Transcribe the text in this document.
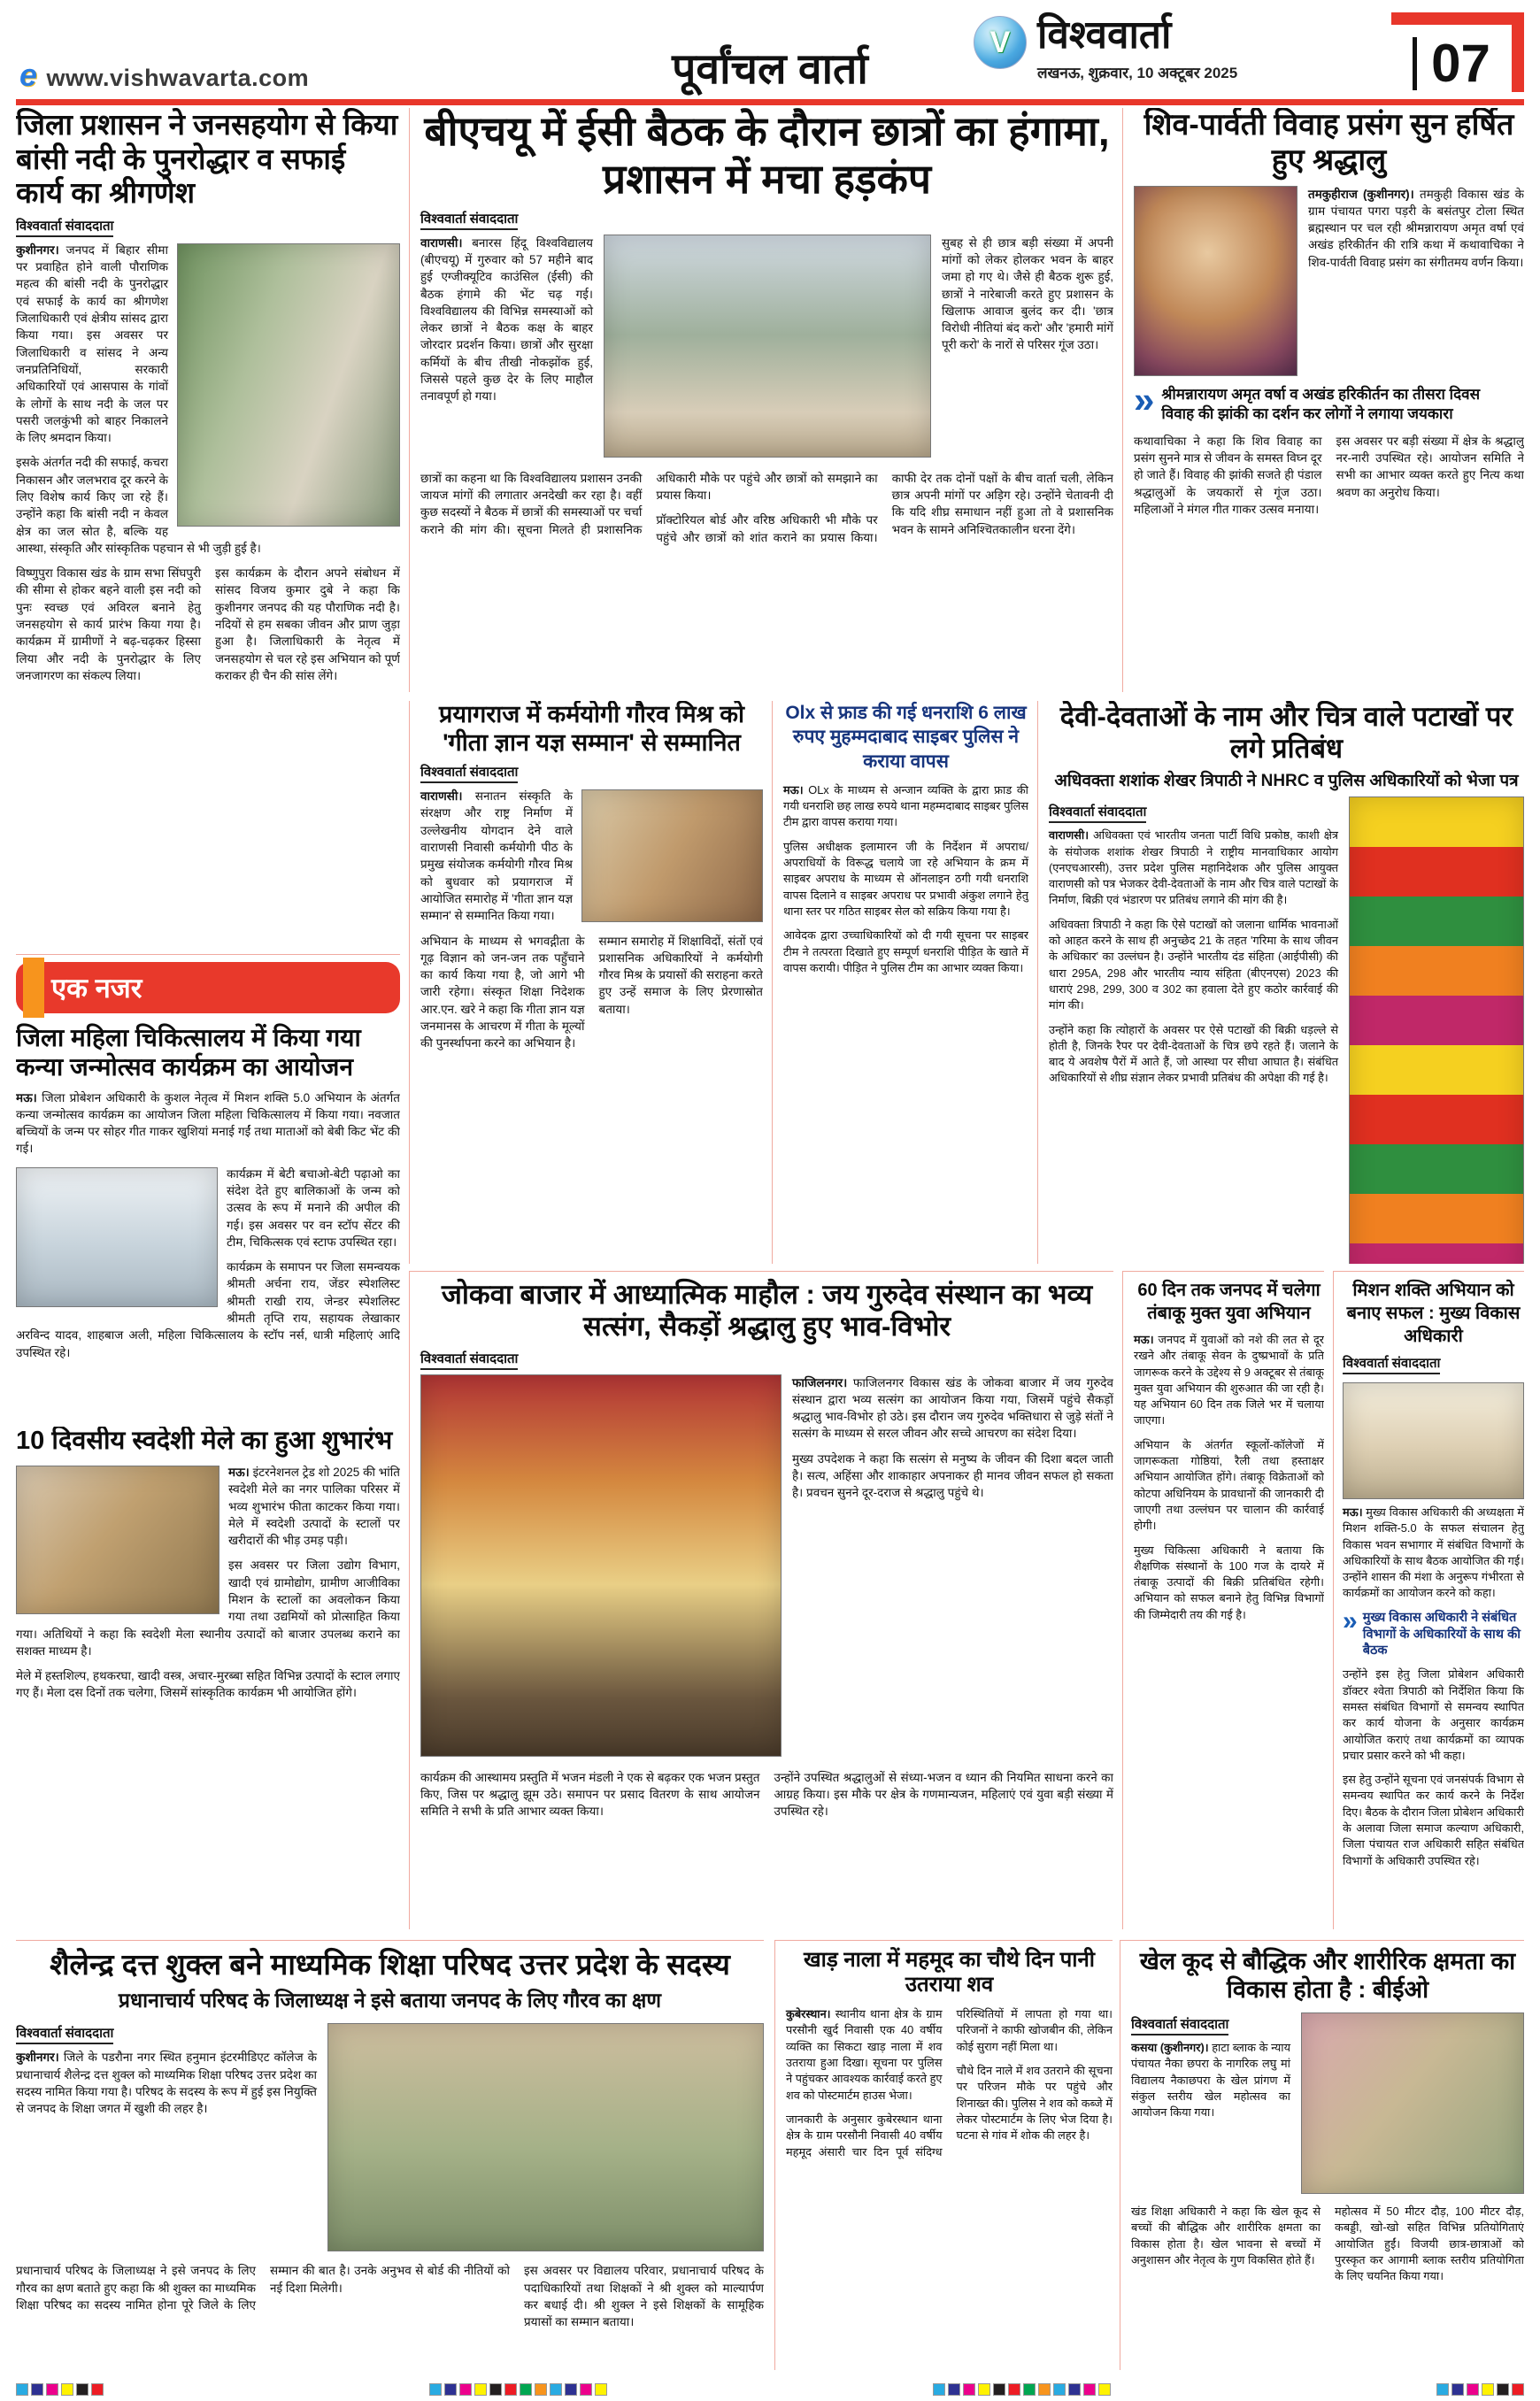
e www.vishwavarta.com	पूर्वांचल वार्ता
V
विश्ववार्ता
लखनऊ, शुक्रवार, 10 अक्टूबर 2025	07
जिला प्रशासन ने जनसहयोग से किया बांसी नदी के पुनरोद्धार व सफाई कार्य का श्रीगणेश
विश्ववार्ता संवाददाता

कुशीनगर। जनपद में बिहार सीमा पर प्रवाहित होने वाली पौराणिक महत्व की बांसी नदी के पुनरोद्धार एवं सफाई के कार्य का श्रीगणेश जिलाधिकारी एवं क्षेत्रीय सांसद द्वारा किया गया। इस अवसर पर जिलाधिकारी व सांसद ने अन्य जनप्रतिनिधियों, सरकारी अधिकारियों एवं आसपास के गांवों के लोगों के साथ नदी के जल पर पसरी जलकुंभी को बाहर निकालने के लिए श्रमदान किया।

इसके अंतर्गत नदी की सफाई, कचरा निकासन और जलभराव दूर करने के लिए विशेष कार्य किए जा रहे हैं। उन्होंने कहा कि बांसी नदी न केवल क्षेत्र का जल स्रोत है, बल्कि यह आस्था, संस्कृति और सांस्कृतिक पहचान से भी जुड़ी हुई है।

विष्णुपुरा विकास खंड के ग्राम सभा सिंघपुरी की सीमा से होकर बहने वाली इस नदी को पुनः स्वच्छ एवं अविरल बनाने हेतु जनसहयोग से कार्य प्रारंभ किया गया है। कार्यक्रम में ग्रामीणों ने बढ़-चढ़कर हिस्सा लिया और नदी के पुनरोद्धार के लिए जनजागरण का संकल्प लिया।

इस कार्यक्रम के दौरान अपने संबोधन में सांसद विजय कुमार दुबे ने कहा कि कुशीनगर जनपद की यह पौराणिक नदी है। नदियों से हम सबका जीवन और प्राण जुड़ा हुआ है। जिलाधिकारी के नेतृत्व में जनसहयोग से चल रहे इस अभियान को पूर्ण कराकर ही चैन की सांस लेंगे।

बीएचयू में ईसी बैठक के दौरान छात्रों का हंगामा, प्रशासन में मचा हड़कंप
विश्ववार्ता संवाददाता

वाराणसी। बनारस हिंदू विश्वविद्यालय (बीएचयू) में गुरुवार को 57 महीने बाद हुई एग्जीक्यूटिव काउंसिल (ईसी) की बैठक हंगामे की भेंट चढ़ गई। विश्वविद्यालय की विभिन्न समस्याओं को लेकर छात्रों ने बैठक कक्ष के बाहर जोरदार प्रदर्शन किया। छात्रों और सुरक्षा कर्मियों के बीच तीखी नोकझोंक हुई, जिससे पहले कुछ देर के लिए माहौल तनावपूर्ण हो गया।

सुबह से ही छात्र बड़ी संख्या में अपनी मांगों को लेकर होलकर भवन के बाहर जमा हो गए थे। जैसे ही बैठक शुरू हुई, छात्रों ने नारेबाजी करते हुए प्रशासन के खिलाफ आवाज बुलंद कर दी। 'छात्र विरोधी नीतियां बंद करो' और 'हमारी मांगें पूरी करो' के नारों से परिसर गूंज उठा।

छात्रों का कहना था कि विश्वविद्यालय प्रशासन उनकी जायज मांगों की लगातार अनदेखी कर रहा है। वहीं कुछ सदस्यों ने बैठक में छात्रों की समस्याओं पर चर्चा कराने की मांग की। सूचना मिलते ही प्रशासनिक अधिकारी मौके पर पहुंचे और छात्रों को समझाने का प्रयास किया।

प्रॉक्टोरियल बोर्ड और वरिष्ठ अधिकारी भी मौके पर पहुंचे और छात्रों को शांत कराने का प्रयास किया। काफी देर तक दोनों पक्षों के बीच वार्ता चली, लेकिन छात्र अपनी मांगों पर अड़िग रहे। उन्होंने चेतावनी दी कि यदि शीघ्र समाधान नहीं हुआ तो वे प्रशासनिक भवन के सामने अनिश्चितकालीन धरना देंगे।

शिव-पार्वती विवाह प्रसंग सुन हर्षित हुए श्रद्धालु

तमकुहीराज (कुशीनगर)। तमकुही विकास खंड के ग्राम पंचायत पगरा पड़री के बसंतपुर टोला स्थित ब्रह्मस्थान पर चल रही श्रीमन्नारायण अमृत वर्षा एवं अखंड हरिकीर्तन की रात्रि कथा में कथावाचिका ने शिव-पार्वती विवाह प्रसंग का संगीतमय वर्णन किया।

» श्रीमन्नारायण अमृत वर्षा व अखंड हरिकीर्तन का तीसरा दिवस
विवाह की झांकी का दर्शन कर लोगों ने लगाया जयकारा

कथावाचिका ने कहा कि शिव विवाह का प्रसंग सुनने मात्र से जीवन के समस्त विघ्न दूर हो जाते हैं। विवाह की झांकी सजते ही पंडाल श्रद्धालुओं के जयकारों से गूंज उठा। महिलाओं ने मंगल गीत गाकर उत्सव मनाया।

इस अवसर पर बड़ी संख्या में क्षेत्र के श्रद्धालु नर-नारी उपस्थित रहे। आयोजन समिति ने सभी का आभार व्यक्त करते हुए नित्य कथा श्रवण का अनुरोध किया।

प्रयागराज में कर्मयोगी गौरव मिश्र को 'गीता ज्ञान यज्ञ सम्मान' से सम्मानित
विश्ववार्ता संवाददाता

वाराणसी। सनातन संस्कृति के संरक्षण और राष्ट्र निर्माण में उल्लेखनीय योगदान देने वाले वाराणसी निवासी कर्मयोगी पीठ के प्रमुख संयोजक कर्मयोगी गौरव मिश्र को बुधवार को प्रयागराज में आयोजित समारोह में 'गीता ज्ञान यज्ञ सम्मान' से सम्मानित किया गया।

अभियान के माध्यम से भगवद्गीता के गूढ़ विज्ञान को जन-जन तक पहुँचाने का कार्य किया गया है, जो आगे भी जारी रहेगा। संस्कृत शिक्षा निदेशक आर.एन. खरे ने कहा कि गीता ज्ञान यज्ञ जनमानस के आचरण में गीता के मूल्यों की पुनर्स्थापना करने का अभियान है।

सम्मान समारोह में शिक्षाविदों, संतों एवं प्रशासनिक अधिकारियों ने कर्मयोगी गौरव मिश्र के प्रयासों की सराहना करते हुए उन्हें समाज के लिए प्रेरणास्रोत बताया।

Olx से फ्राड की गई धनराशि 6 लाख रुपए मुहम्मदाबाद साइबर पुलिस ने कराया वापस

मऊ। OLx के माध्यम से अन्जान व्यक्ति के द्वारा फ्राड की गयी धनराशि छह लाख रुपये थाना महम्मदाबाद साइबर पुलिस टीम द्वारा वापस कराया गया।

पुलिस अधीक्षक इलामारन जी के निर्देशन में अपराध/अपराधियों के विरूद्ध चलाये जा रहे अभियान के क्रम में साइबर अपराध के माध्यम से ऑनलाइन ठगी गयी धनराशि वापस दिलाने व साइबर अपराध पर प्रभावी अंकुश लगाने हेतु थाना स्तर पर गठित साइबर सेल को सक्रिय किया गया है।

आवेदक द्वारा उच्चाधिकारियों को दी गयी सूचना पर साइबर टीम ने तत्परता दिखाते हुए सम्पूर्ण धनराशि पीड़ित के खाते में वापस करायी। पीड़ित ने पुलिस टीम का आभार व्यक्त किया।

देवी-देवताओं के नाम और चित्र वाले पटाखों पर लगे प्रतिबंध
अधिवक्ता शशांक शेखर त्रिपाठी ने NHRC व पुलिस अधिकारियों को भेजा पत्र
विश्ववार्ता संवाददाता

वाराणसी। अधिवक्ता एवं भारतीय जनता पार्टी विधि प्रकोष्ठ, काशी क्षेत्र के संयोजक शशांक शेखर त्रिपाठी ने राष्ट्रीय मानवाधिकार आयोग (एनएचआरसी), उत्तर प्रदेश पुलिस महानिदेशक और पुलिस आयुक्त वाराणसी को पत्र भेजकर देवी-देवताओं के नाम और चित्र वाले पटाखों के निर्माण, बिक्री एवं भंडारण पर प्रतिबंध लगाने की मांग की है।

अधिवक्ता त्रिपाठी ने कहा कि ऐसे पटाखों को जलाना धार्मिक भावनाओं को आहत करने के साथ ही अनुच्छेद 21 के तहत 'गरिमा के साथ जीवन के अधिकार' का उल्लंघन है। उन्होंने भारतीय दंड संहिता (आईपीसी) की धारा 295A, 298 और भारतीय न्याय संहिता (बीएनएस) 2023 की धाराएं 298, 299, 300 व 302 का हवाला देते हुए कठोर कार्रवाई की मांग की।

उन्होंने कहा कि त्योहारों के अवसर पर ऐसे पटाखों की बिक्री धड़ल्ले से होती है, जिनके रैपर पर देवी-देवताओं के चित्र छपे रहते हैं। जलाने के बाद ये अवशेष पैरों में आते हैं, जो आस्था पर सीधा आघात है। संबंधित अधिकारियों से शीघ्र संज्ञान लेकर प्रभावी प्रतिबंध की अपेक्षा की गई है।

एक नजर
जिला महिला चिकित्सालय में किया गया कन्या जन्मोत्सव कार्यक्रम का आयोजन

मऊ। जिला प्रोबेशन अधिकारी के कुशल नेतृत्व में मिशन शक्ति 5.0 अभियान के अंतर्गत कन्या जन्मोत्सव कार्यक्रम का आयोजन जिला महिला चिकित्सालय में किया गया। नवजात बच्चियों के जन्म पर सोहर गीत गाकर खुशियां मनाई गईं तथा माताओं को बेबी किट भेंट की गई।

कार्यक्रम में बेटी बचाओ-बेटी पढ़ाओ का संदेश देते हुए बालिकाओं के जन्म को उत्सव के रूप में मनाने की अपील की गई। इस अवसर पर वन स्टॉप सेंटर की टीम, चिकित्सक एवं स्टाफ उपस्थित रहा।

कार्यक्रम के समापन पर जिला समन्वयक श्रीमती अर्चना राय, जेंडर स्पेशलिस्ट श्रीमती राखी राय, जेन्डर स्पेशलिस्ट श्रीमती तृप्ति राय, सहायक लेखाकार अरविन्द यादव, शाहबाज अली, महिला चिकित्सालय के स्टॉप नर्स, धात्री महिलाएं आदि उपस्थित रहे।

10 दिवसीय स्वदेशी मेले का हुआ शुभारंभ

मऊ। इंटरनेशनल ट्रेड शो 2025 की भांति स्वदेशी मेले का नगर पालिका परिसर में भव्य शुभारंभ फीता काटकर किया गया। मेले में स्वदेशी उत्पादों के स्टालों पर खरीदारों की भीड़ उमड़ पड़ी।

इस अवसर पर जिला उद्योग विभाग, खादी एवं ग्रामोद्योग, ग्रामीण आजीविका मिशन के स्टालों का अवलोकन किया गया तथा उद्यमियों को प्रोत्साहित किया गया। अतिथियों ने कहा कि स्वदेशी मेला स्थानीय उत्पादों को बाजार उपलब्ध कराने का सशक्त माध्यम है।

मेले में हस्तशिल्प, हथकरघा, खादी वस्त्र, अचार-मुरब्बा सहित विभिन्न उत्पादों के स्टाल लगाए गए हैं। मेला दस दिनों तक चलेगा, जिसमें सांस्कृतिक कार्यक्रम भी आयोजित होंगे।

जोकवा बाजार में आध्यात्मिक माहौल : जय गुरुदेव संस्थान का भव्य सत्संग, सैकड़ों श्रद्धालु हुए भाव-विभोर
विश्ववार्ता संवाददाता

फाजिलनगर। फाजिलनगर विकास खंड के जोकवा बाजार में जय गुरुदेव संस्थान द्वारा भव्य सत्संग का आयोजन किया गया, जिसमें पहुंचे सैकड़ों श्रद्धालु भाव-विभोर हो उठे। इस दौरान जय गुरुदेव भक्तिधारा से जुड़े संतों ने सत्संग के माध्यम से सरल जीवन और सच्चे आचरण का संदेश दिया।

मुख्य उपदेशक ने कहा कि सत्संग से मनुष्य के जीवन की दिशा बदल जाती है। सत्य, अहिंसा और शाकाहार अपनाकर ही मानव जीवन सफल हो सकता है। प्रवचन सुनने दूर-दराज से श्रद्धालु पहुंचे थे।

कार्यक्रम की आस्थामय प्रस्तुति में भजन मंडली ने एक से बढ़कर एक भजन प्रस्तुत किए, जिस पर श्रद्धालु झूम उठे। समापन पर प्रसाद वितरण के साथ आयोजन समिति ने सभी के प्रति आभार व्यक्त किया।

उन्होंने उपस्थित श्रद्धालुओं से संध्या-भजन व ध्यान की नियमित साधना करने का आग्रह किया। इस मौके पर क्षेत्र के गणमान्यजन, महिलाएं एवं युवा बड़ी संख्या में उपस्थित रहे।

60 दिन तक जनपद में चलेगा तंबाकू मुक्त युवा अभियान

मऊ। जनपद में युवाओं को नशे की लत से दूर रखने और तंबाकू सेवन के दुष्प्रभावों के प्रति जागरूक करने के उद्देश्य से 9 अक्टूबर से तंबाकू मुक्त युवा अभियान की शुरुआत की जा रही है। यह अभियान 60 दिन तक जिले भर में चलाया जाएगा।

अभियान के अंतर्गत स्कूलों-कॉलेजों में जागरूकता गोष्ठियां, रैली तथा हस्ताक्षर अभियान आयोजित होंगे। तंबाकू विक्रेताओं को कोटपा अधिनियम के प्रावधानों की जानकारी दी जाएगी तथा उल्लंघन पर चालान की कार्रवाई होगी।

मुख्य चिकित्सा अधिकारी ने बताया कि शैक्षणिक संस्थानों के 100 गज के दायरे में तंबाकू उत्पादों की बिक्री प्रतिबंधित रहेगी। अभियान को सफल बनाने हेतु विभिन्न विभागों की जिम्मेदारी तय की गई है।

मिशन शक्ति अभियान को बनाए सफल : मुख्य विकास अधिकारी
विश्ववार्ता संवाददाता

मऊ। मुख्य विकास अधिकारी की अध्यक्षता में मिशन शक्ति-5.0 के सफल संचालन हेतु विकास भवन सभागार में संबंधित विभागों के अधिकारियों के साथ बैठक आयोजित की गई। उन्होंने शासन की मंशा के अनुरूप गंभीरता से कार्यक्रमों का आयोजन करने को कहा।

» मुख्य विकास अधिकारी ने संबंधित विभागों के अधिकारियों के साथ की बैठक

उन्होंने इस हेतु जिला प्रोबेशन अधिकारी डॉक्टर श्वेता त्रिपाठी को निर्देशित किया कि समस्त संबंधित विभागों से समन्वय स्थापित कर कार्य योजना के अनुसार कार्यक्रम आयोजित कराएं तथा कार्यक्रमों का व्यापक प्रचार प्रसार करने को भी कहा।

इस हेतु उन्होंने सूचना एवं जनसंपर्क विभाग से समन्वय स्थापित कर कार्य करने के निर्देश दिए। बैठक के दौरान जिला प्रोबेशन अधिकारी के अलावा जिला समाज कल्याण अधिकारी, जिला पंचायत राज अधिकारी सहित संबंधित विभागों के अधिकारी उपस्थित रहे।

शैलेन्द्र दत्त शुक्ल बने माध्यमिक शिक्षा परिषद उत्तर प्रदेश के सदस्य
प्रधानाचार्य परिषद के जिलाध्यक्ष ने इसे बताया जनपद के लिए गौरव का क्षण
विश्ववार्ता संवाददाता

कुशीनगर। जिले के पडरौना नगर स्थित हनुमान इंटरमीडिएट कॉलेज के प्रधानाचार्य शैलेन्द्र दत्त शुक्ल को माध्यमिक शिक्षा परिषद उत्तर प्रदेश का सदस्य नामित किया गया है। परिषद के सदस्य के रूप में हुई इस नियुक्ति से जनपद के शिक्षा जगत में खुशी की लहर है।

प्रधानाचार्य परिषद के जिलाध्यक्ष ने इसे जनपद के लिए गौरव का क्षण बताते हुए कहा कि श्री शुक्ल का माध्यमिक शिक्षा परिषद का सदस्य नामित होना पूरे जिले के लिए सम्मान की बात है। उनके अनुभव से बोर्ड की नीतियों को नई दिशा मिलेगी।

इस अवसर पर विद्यालय परिवार, प्रधानाचार्य परिषद के पदाधिकारियों तथा शिक्षकों ने श्री शुक्ल को माल्यार्पण कर बधाई दी। श्री शुक्ल ने इसे शिक्षकों के सामूहिक प्रयासों का सम्मान बताया।

खाड़ नाला में महमूद का चौथे दिन पानी उतराया शव

कुबेरस्थान। स्थानीय थाना क्षेत्र के ग्राम परसौनी खुर्द निवासी एक 40 वर्षीय व्यक्ति का सिकटा खाड़ नाला में शव उतराया हुआ दिखा। सूचना पर पुलिस ने पहुंचकर आवश्यक कार्रवाई करते हुए शव को पोस्टमार्टम हाउस भेजा।

जानकारी के अनुसार कुबेरस्थान थाना क्षेत्र के ग्राम परसौनी निवासी 40 वर्षीय महमूद अंसारी चार दिन पूर्व संदिग्ध परिस्थितियों में लापता हो गया था। परिजनों ने काफी खोजबीन की, लेकिन कोई सुराग नहीं मिला था।

चौथे दिन नाले में शव उतराने की सूचना पर परिजन मौके पर पहुंचे और शिनाख्त की। पुलिस ने शव को कब्जे में लेकर पोस्टमार्टम के लिए भेज दिया है। घटना से गांव में शोक की लहर है।

खेल कूद से बौद्धिक और शारीरिक क्षमता का विकास होता है : बीईओ
विश्ववार्ता संवाददाता

कसया (कुशीनगर)। हाटा ब्लाक के न्याय पंचायत नैका छपरा के नागरिक लघु मां विद्यालय नैकाछपरा के खेल प्रांगण में संकुल स्तरीय खेल महोत्सव का आयोजन किया गया।

खंड शिक्षा अधिकारी ने कहा कि खेल कूद से बच्चों की बौद्धिक और शारीरिक क्षमता का विकास होता है। खेल भावना से बच्चों में अनुशासन और नेतृत्व के गुण विकसित होते हैं।

महोत्सव में 50 मीटर दौड़, 100 मीटर दौड़, कबड्डी, खो-खो सहित विभिन्न प्रतियोगिताएं आयोजित हुईं। विजयी छात्र-छात्राओं को पुरस्कृत कर आगामी ब्लाक स्तरीय प्रतियोगिता के लिए चयनित किया गया।
